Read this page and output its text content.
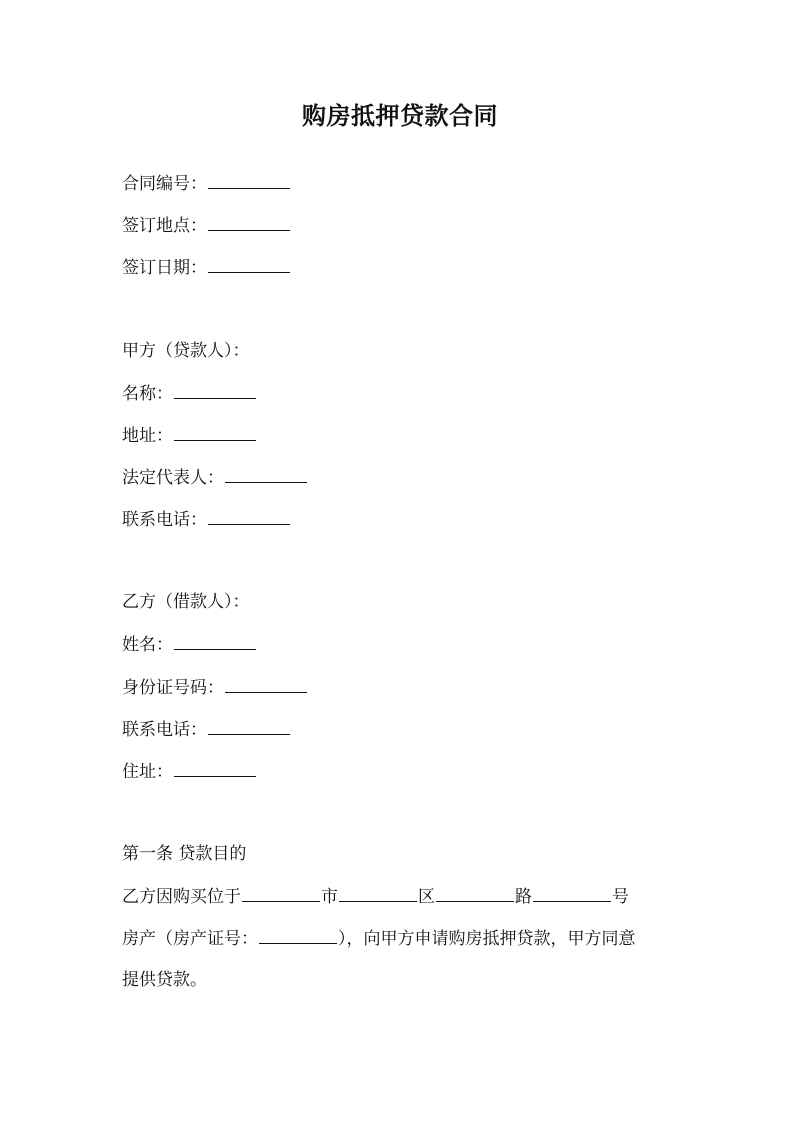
购房抵押贷款合同
合同编号：
签订地点：
签订日期：
甲方（贷款人）：
名称：
地址：
法定代表人：
联系电话：
乙方（借款人）：
姓名：
身份证号码：
联系电话：
住址：
第一条 贷款目的
乙方因购买位于	市	区	路	号
房产（房产证号：	），向甲方申请购房抵押贷款，甲方同意
提供贷款。
